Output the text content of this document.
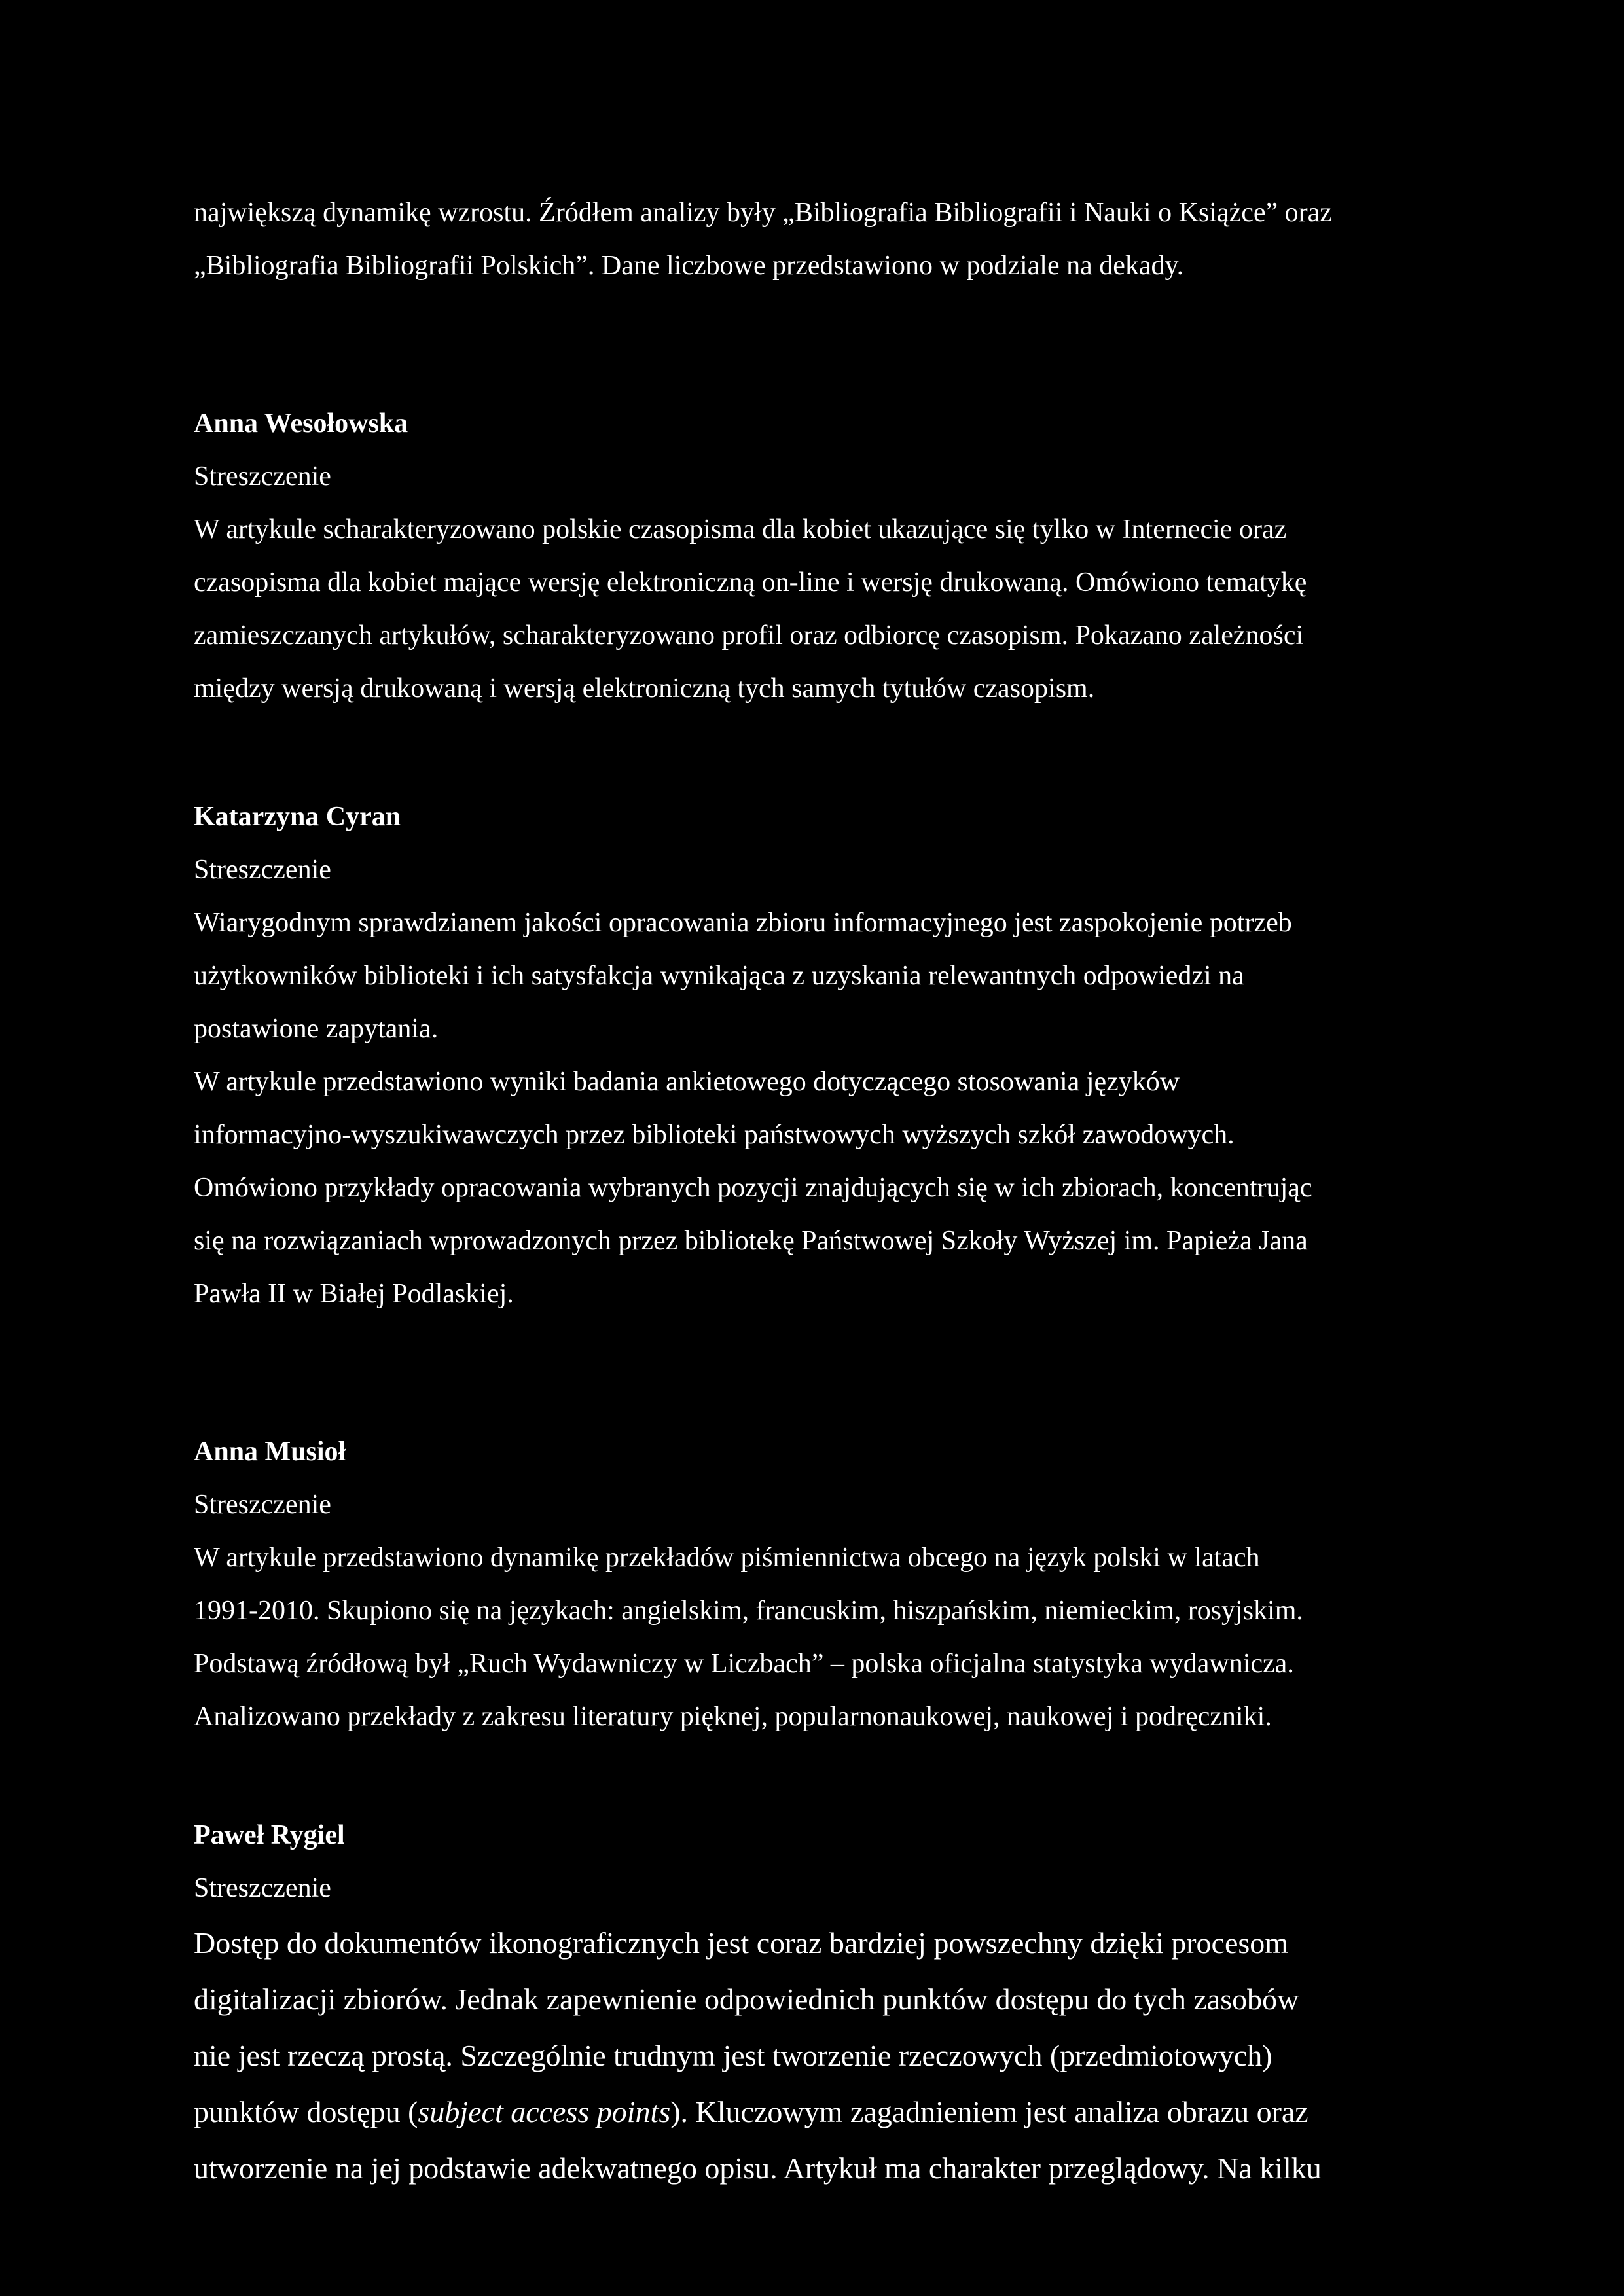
największą dynamikę wzrostu. Źródłem analizy były „Bibliografia Bibliografii i Nauki o Książce” oraz

„Bibliografia Bibliografii Polskich”. Dane liczbowe przedstawiono w podziale na dekady.

Anna Wesołowska

Streszczenie

W artykule scharakteryzowano polskie czasopisma dla kobiet ukazujące się tylko w Internecie oraz

czasopisma dla kobiet mające wersję elektroniczną on-line i wersję drukowaną. Omówiono tematykę

zamieszczanych artykułów, scharakteryzowano profil oraz odbiorcę czasopism. Pokazano zależności

między wersją drukowaną i wersją elektroniczną tych samych tytułów czasopism.

Katarzyna Cyran

Streszczenie

Wiarygodnym sprawdzianem jakości opracowania zbioru informacyjnego jest zaspokojenie potrzeb

użytkowników biblioteki i ich satysfakcja wynikająca z uzyskania relewantnych odpowiedzi na

postawione zapytania.

W artykule przedstawiono wyniki badania ankietowego dotyczącego stosowania języków

informacyjno-wyszukiwawczych przez biblioteki państwowych wyższych szkół zawodowych.

Omówiono przykłady opracowania wybranych pozycji znajdujących się w ich zbiorach, koncentrując

się na rozwiązaniach wprowadzonych przez bibliotekę Państwowej Szkoły Wyższej im. Papieża Jana

Pawła II w Białej Podlaskiej.

Anna Musioł

Streszczenie

W artykule przedstawiono dynamikę przekładów piśmiennictwa obcego na język polski w latach

1991-2010. Skupiono się na językach: angielskim, francuskim, hiszpańskim, niemieckim, rosyjskim.

Podstawą źródłową był „Ruch Wydawniczy w Liczbach” – polska oficjalna statystyka wydawnicza.

Analizowano przekłady z zakresu literatury pięknej, popularnonaukowej, naukowej i podręczniki.

Paweł Rygiel

Streszczenie

Dostęp do dokumentów ikonograficznych jest coraz bardziej powszechny dzięki procesom

digitalizacji zbiorów. Jednak zapewnienie odpowiednich punktów dostępu do tych zasobów

nie jest rzeczą prostą. Szczególnie trudnym jest tworzenie rzeczowych (przedmiotowych)

punktów dostępu (subject access points). Kluczowym zagadnieniem jest analiza obrazu oraz

utworzenie na jej podstawie adekwatnego opisu. Artykuł ma charakter przeglądowy. Na kilku
